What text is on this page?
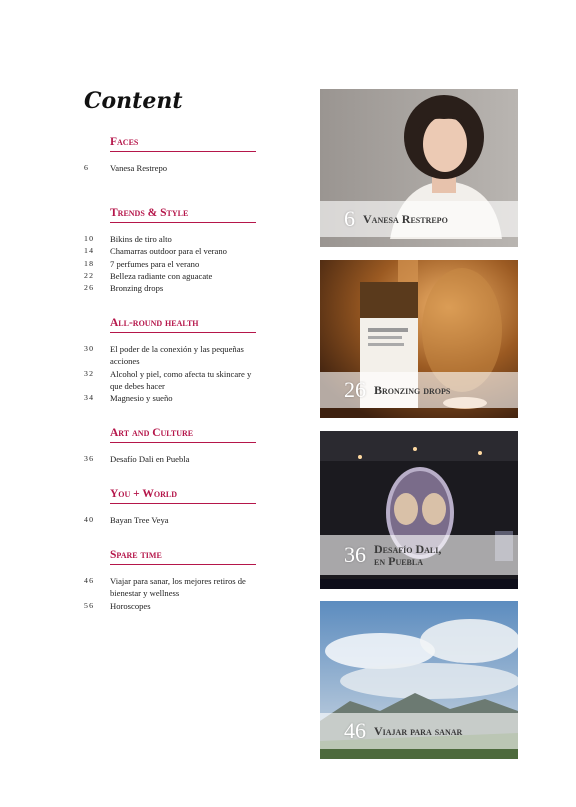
Content
Faces
6	Vanesa Restrepo
Trends & Style
10	Bikins de tiro alto
14	Chamarras outdoor para el verano
18	7 perfumes para el verano
22	Belleza radiante con aguacate
26	Bronzing drops
All-round health
30	El poder de la conexión y las pequeñas acciones
32	Alcohol y piel, como afecta tu skincare y que debes hacer
34	Magnesio y sueño
Art and Culture
36	Desafío Dali en Puebla
You + World
40	Bayan Tree Veya
Spare time
46	Viajar para sanar, los mejores retiros de bienestar y wellness
56	Horoscopes
6 Vanesa Restrepo
26 Bronzing drops
36 Desafío Dali, en Puebla
46 Viajar para sanar
